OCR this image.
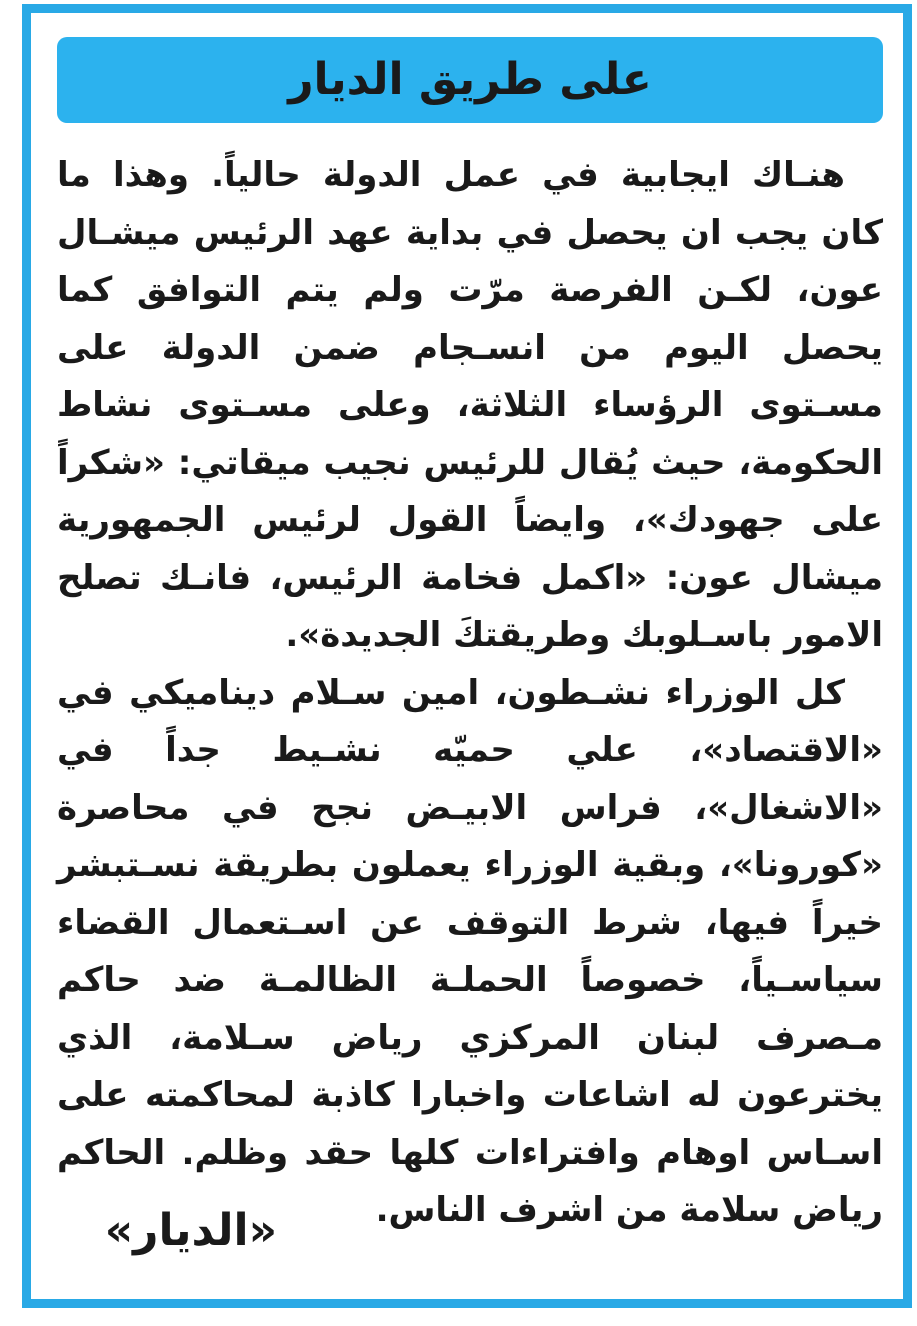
على طريق الديار

هنـاك ايجابية في عمل الدولة حالياً. وهذا ما كان يجب ان يحصل في بداية عهد الرئيس ميشـال عون، لكـن الفرصة مرّت ولم يتم التوافق كما يحصل اليوم من انسـجام ضمن الدولة على مسـتوى الرؤساء الثلاثة، وعلى مسـتوى نشاط الحكومة، حيث يُقال للرئيس نجيب ميقاتي: «شكراً على جهودك»، وايضاً القول لرئيس الجمهورية ميشال عون: «اكمل فخامة الرئيس، فانـك تصلح الامور باسـلوبك وطريقتكَ الجديدة».

كل الوزراء نشـطون، امين سـلام ديناميكي في «الاقتصاد»، علي حميّه نشـيط جداً في «الاشغال»، فراس الابيـض نجح في محاصرة «كورونا»، وبقية الوزراء يعملون بطريقة نسـتبشر خيراً فيها، شرط التوقف عن اسـتعمال القضاء سياسـياً، خصوصاً الحملـة الظالمـة ضد حاكم مـصرف لبنان المركزي رياض سـلامة، الذي يخترعون له اشاعات واخبارا كاذبة لمحاكمته على اسـاس اوهام وافتراءات كلها حقد وظلم. الحاكم رياض سلامة من اشرف الناس.

«الديار»
